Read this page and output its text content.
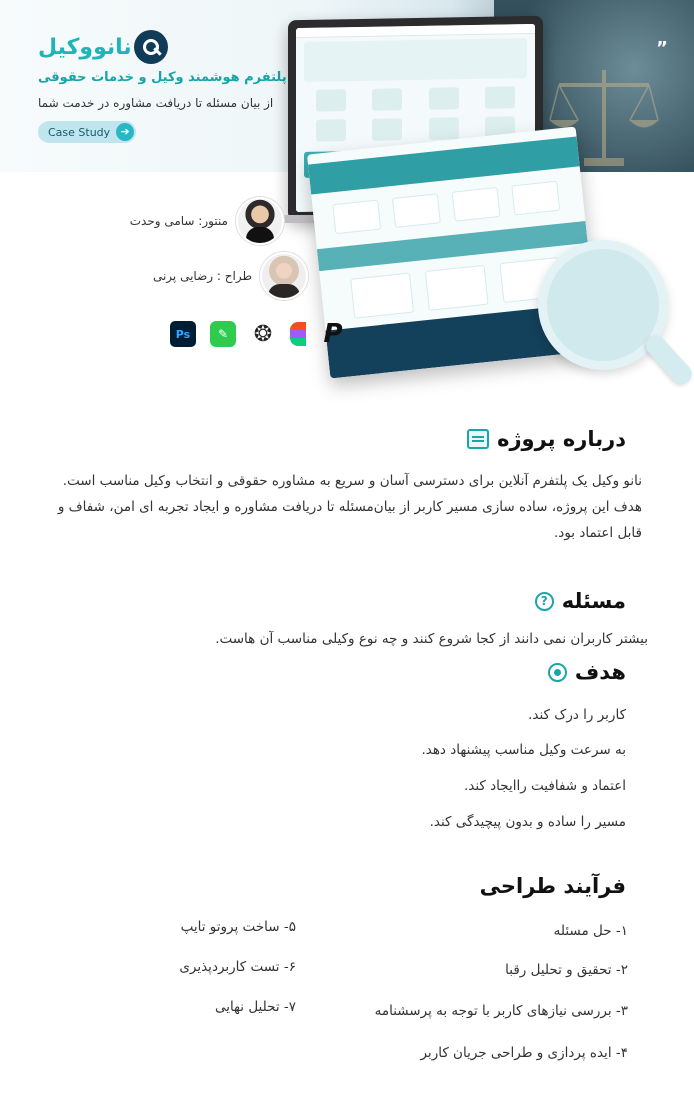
”
نانووکیل
پلتفرم هوشمند وکیل و خدمات حقوقی
از بیان مسئله تا دریافت مشاوره در خدمت شما
Case Study ➔
منتور: سامی وحدت
طراح : رضایی پرنی
Ps	✎	❂ P
درباره پروژه
نانو وکیل یک پلتفرم آنلاین برای دسترسی آسان و سریع به مشاوره حقوقی و انتخاب وکیل مناسب است. هدف این پروژه، ساده سازی مسیر کاربر از بیان‌مسئله تا دریافت مشاوره و ایجاد تجربه ای امن، شفاف و قابل اعتماد بود.
مسئله
?
بیشتر کاربران نمی دانند از کجا شروع کنند و چه نوع وکیلی مناسب آن هاست.
هدف
کاربر را درک کند.
به سرعت وکیل مناسب پیشنهاد دهد.
اعتماد و شفافیت راایجاد کند.
مسیر را ساده و بدون پیچیدگی کند.
فرآیند طراحی
۱- حل مسئله
۲- تحقیق و تحلیل رقبا
۳- بررسی نیازهای کاربر با توجه به پرسشنامه
۴- ایده پردازی و طراحی جریان کاربر
۵- ساخت پروتو تایپ
۶- تست کاربردپذیری
۷- تحلیل نهایی
